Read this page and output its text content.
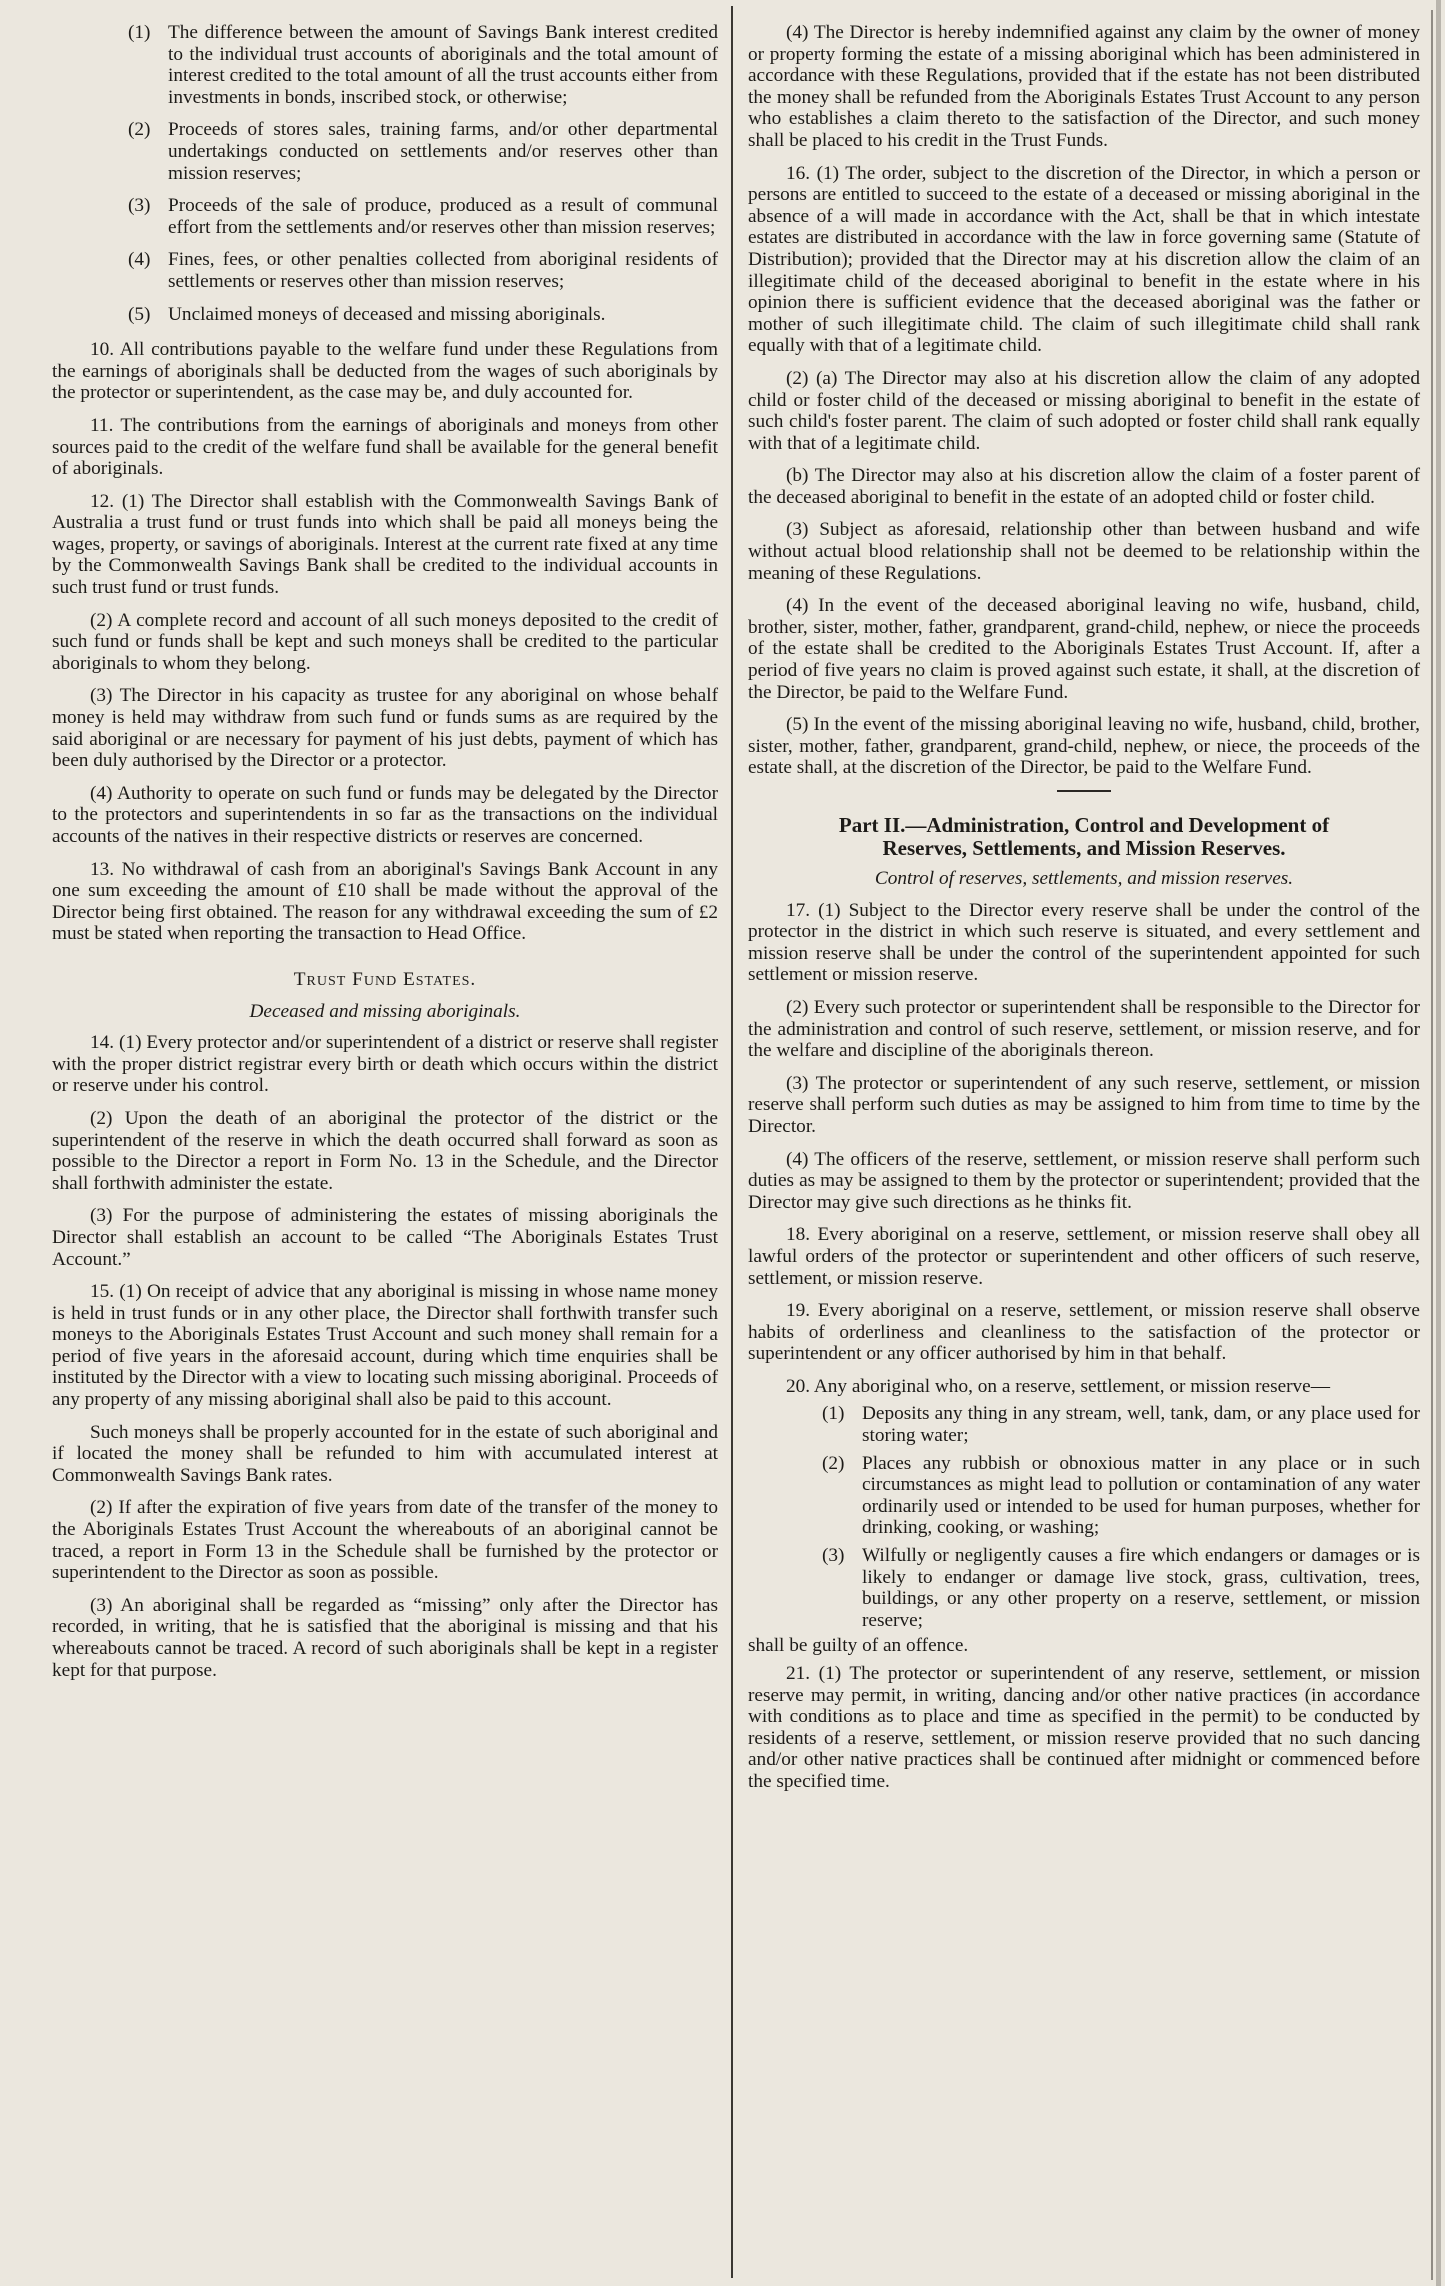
(1) The difference between the amount of Savings Bank interest credited to the individual trust accounts of aboriginals and the total amount of interest credited to the total amount of all the trust accounts either from investments in bonds, inscribed stock, or otherwise;
(2) Proceeds of stores sales, training farms, and/or other departmental undertakings conducted on settlements and/or reserves other than mission reserves;
(3) Proceeds of the sale of produce, produced as a result of communal effort from the settlements and/or reserves other than mission reserves;
(4) Fines, fees, or other penalties collected from aboriginal residents of settlements or reserves other than mission reserves;
(5) Unclaimed moneys of deceased and missing aboriginals.

10. All contributions payable to the welfare fund under these Regulations from the earnings of aboriginals shall be deducted from the wages of such aboriginals by the protector or superintendent, as the case may be, and duly accounted for.

11. The contributions from the earnings of aboriginals and moneys from other sources paid to the credit of the welfare fund shall be available for the general benefit of aboriginals.

12. (1) The Director shall establish with the Commonwealth Savings Bank of Australia a trust fund or trust funds into which shall be paid all moneys being the wages, property, or savings of aboriginals. Interest at the current rate fixed at any time by the Commonwealth Savings Bank shall be credited to the individual accounts in such trust fund or trust funds.

(2) A complete record and account of all such moneys deposited to the credit of such fund or funds shall be kept and such moneys shall be credited to the particular aboriginals to whom they belong.

(3) The Director in his capacity as trustee for any aboriginal on whose behalf money is held may withdraw from such fund or funds sums as are required by the said aboriginal or are necessary for payment of his just debts, payment of which has been duly authorised by the Director or a protector.

(4) Authority to operate on such fund or funds may be delegated by the Director to the protectors and superintendents in so far as the transactions on the individual accounts of the natives in their respective districts or reserves are concerned.

13. No withdrawal of cash from an aboriginal's Savings Bank Account in any one sum exceeding the amount of £10 shall be made without the approval of the Director being first obtained. The reason for any withdrawal exceeding the sum of £2 must be stated when reporting the transaction to Head Office.

Trust Fund Estates.
Deceased and missing aboriginals.

14. (1) Every protector and/or superintendent of a district or reserve shall register with the proper district registrar every birth or death which occurs within the district or reserve under his control.

(2) Upon the death of an aboriginal the protector of the district or the superintendent of the reserve in which the death occurred shall forward as soon as possible to the Director a report in Form No. 13 in the Schedule, and the Director shall forthwith administer the estate.

(3) For the purpose of administering the estates of missing aboriginals the Director shall establish an account to be called “The Aboriginals Estates Trust Account.”

15. (1) On receipt of advice that any aboriginal is missing in whose name money is held in trust funds or in any other place, the Director shall forthwith transfer such moneys to the Aboriginals Estates Trust Account and such money shall remain for a period of five years in the aforesaid account, during which time enquiries shall be instituted by the Director with a view to locating such missing aboriginal. Proceeds of any property of any missing aboriginal shall also be paid to this account.

Such moneys shall be properly accounted for in the estate of such aboriginal and if located the money shall be refunded to him with accumulated interest at Commonwealth Savings Bank rates.

(2) If after the expiration of five years from date of the transfer of the money to the Aboriginals Estates Trust Account the whereabouts of an aboriginal cannot be traced, a report in Form 13 in the Schedule shall be furnished by the protector or superintendent to the Director as soon as possible.

(3) An aboriginal shall be regarded as “missing” only after the Director has recorded, in writing, that he is satisfied that the aboriginal is missing and that his whereabouts cannot be traced. A record of such aboriginals shall be kept in a register kept for that purpose.

(4) The Director is hereby indemnified against any claim by the owner of money or property forming the estate of a missing aboriginal which has been administered in accordance with these Regulations, provided that if the estate has not been distributed the money shall be refunded from the Aboriginals Estates Trust Account to any person who establishes a claim thereto to the satisfaction of the Director, and such money shall be placed to his credit in the Trust Funds.

16. (1) The order, subject to the discretion of the Director, in which a person or persons are entitled to succeed to the estate of a deceased or missing aboriginal in the absence of a will made in accordance with the Act, shall be that in which intestate estates are distributed in accordance with the law in force governing same (Statute of Distribution); provided that the Director may at his discretion allow the claim of an illegitimate child of the deceased aboriginal to benefit in the estate where in his opinion there is sufficient evidence that the deceased aboriginal was the father or mother of such illegitimate child. The claim of such illegitimate child shall rank equally with that of a legitimate child.

(2) (a) The Director may also at his discretion allow the claim of any adopted child or foster child of the deceased or missing aboriginal to benefit in the estate of such child's foster parent. The claim of such adopted or foster child shall rank equally with that of a legitimate child.

(b) The Director may also at his discretion allow the claim of a foster parent of the deceased aboriginal to benefit in the estate of an adopted child or foster child.

(3) Subject as aforesaid, relationship other than between husband and wife without actual blood relationship shall not be deemed to be relationship within the meaning of these Regulations.

(4) In the event of the deceased aboriginal leaving no wife, husband, child, brother, sister, mother, father, grandparent, grand-child, nephew, or niece the proceeds of the estate shall be credited to the Aboriginals Estates Trust Account. If, after a period of five years no claim is proved against such estate, it shall, at the discretion of the Director, be paid to the Welfare Fund.

(5) In the event of the missing aboriginal leaving no wife, husband, child, brother, sister, mother, father, grandparent, grand-child, nephew, or niece, the proceeds of the estate shall, at the discretion of the Director, be paid to the Welfare Fund.

Part II.—Administration, Control and Development of
Reserves, Settlements, and Mission Reserves.
Control of reserves, settlements, and mission reserves.

17. (1) Subject to the Director every reserve shall be under the control of the protector in the district in which such reserve is situated, and every settlement and mission reserve shall be under the control of the superintendent appointed for such settlement or mission reserve.

(2) Every such protector or superintendent shall be responsible to the Director for the administration and control of such reserve, settlement, or mission reserve, and for the welfare and discipline of the aboriginals thereon.

(3) The protector or superintendent of any such reserve, settlement, or mission reserve shall perform such duties as may be assigned to him from time to time by the Director.

(4) The officers of the reserve, settlement, or mission reserve shall perform such duties as may be assigned to them by the protector or superintendent; provided that the Director may give such directions as he thinks fit.

18. Every aboriginal on a reserve, settlement, or mission reserve shall obey all lawful orders of the protector or superintendent and other officers of such reserve, settlement, or mission reserve.

19. Every aboriginal on a reserve, settlement, or mission reserve shall observe habits of orderliness and cleanliness to the satisfaction of the protector or superintendent or any officer authorised by him in that behalf.

20. Any aboriginal who, on a reserve, settlement, or mission reserve—

(1) Deposits any thing in any stream, well, tank, dam, or any place used for storing water;
(2) Places any rubbish or obnoxious matter in any place or in such circumstances as might lead to pollution or contamination of any water ordinarily used or intended to be used for human purposes, whether for drinking, cooking, or washing;
(3) Wilfully or negligently causes a fire which endangers or damages or is likely to endanger or damage live stock, grass, cultivation, trees, buildings, or any other property on a reserve, settlement, or mission reserve;

shall be guilty of an offence.

21. (1) The protector or superintendent of any reserve, settlement, or mission reserve may permit, in writing, dancing and/or other native practices (in accordance with conditions as to place and time as specified in the permit) to be conducted by residents of a reserve, settlement, or mission reserve provided that no such dancing and/or other native practices shall be continued after midnight or commenced before the specified time.
